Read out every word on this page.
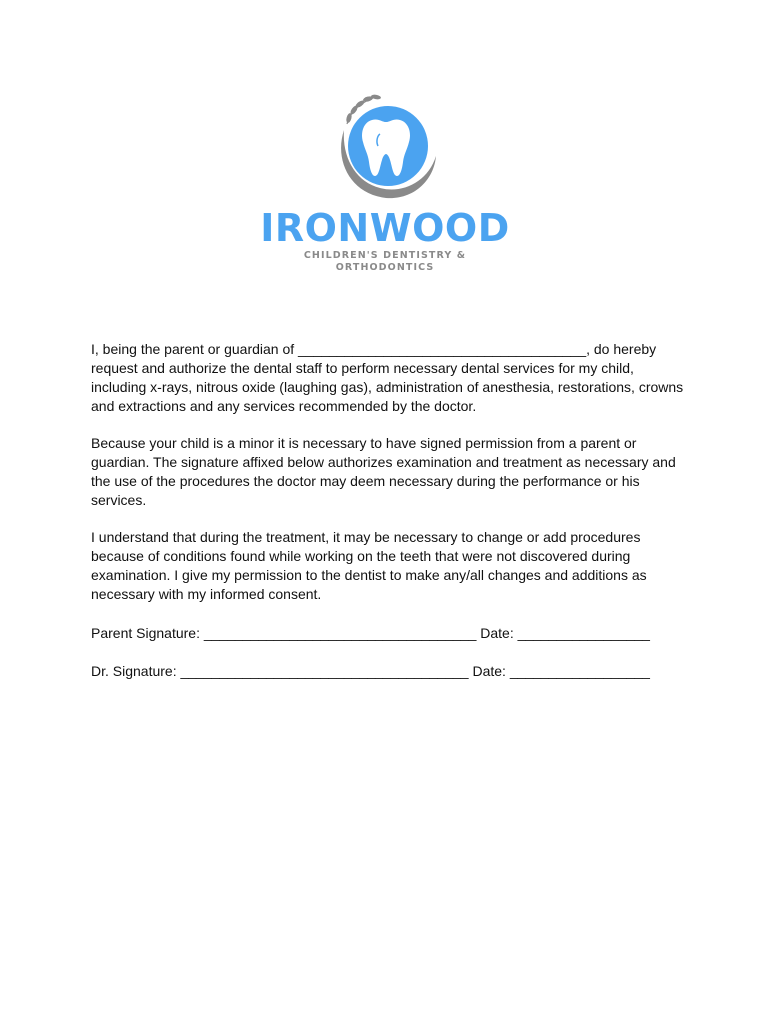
IRONWOOD
CHILDREN'S DENTISTRY & ORTHODONTICS

I, being the parent or guardian of _____________________________________, do hereby request and authorize the dental staff to perform necessary dental services for my child, including x-rays, nitrous oxide (laughing gas), administration of anesthesia, restorations, crowns and extractions and any services recommended by the doctor.

Because your child is a minor it is necessary to have signed permission from a parent or guardian. The signature affixed below authorizes examination and treatment as necessary and the use of the procedures the doctor may deem necessary during the performance or his services.

I understand that during the treatment, it may be necessary to change or add procedures because of conditions found while working on the teeth that were not discovered during examination. I give my permission to the dentist to make any/all changes and additions as necessary with my informed consent.

Parent Signature: ___________________________________ Date: _________________
Dr. Signature: _____________________________________ Date: __________________
